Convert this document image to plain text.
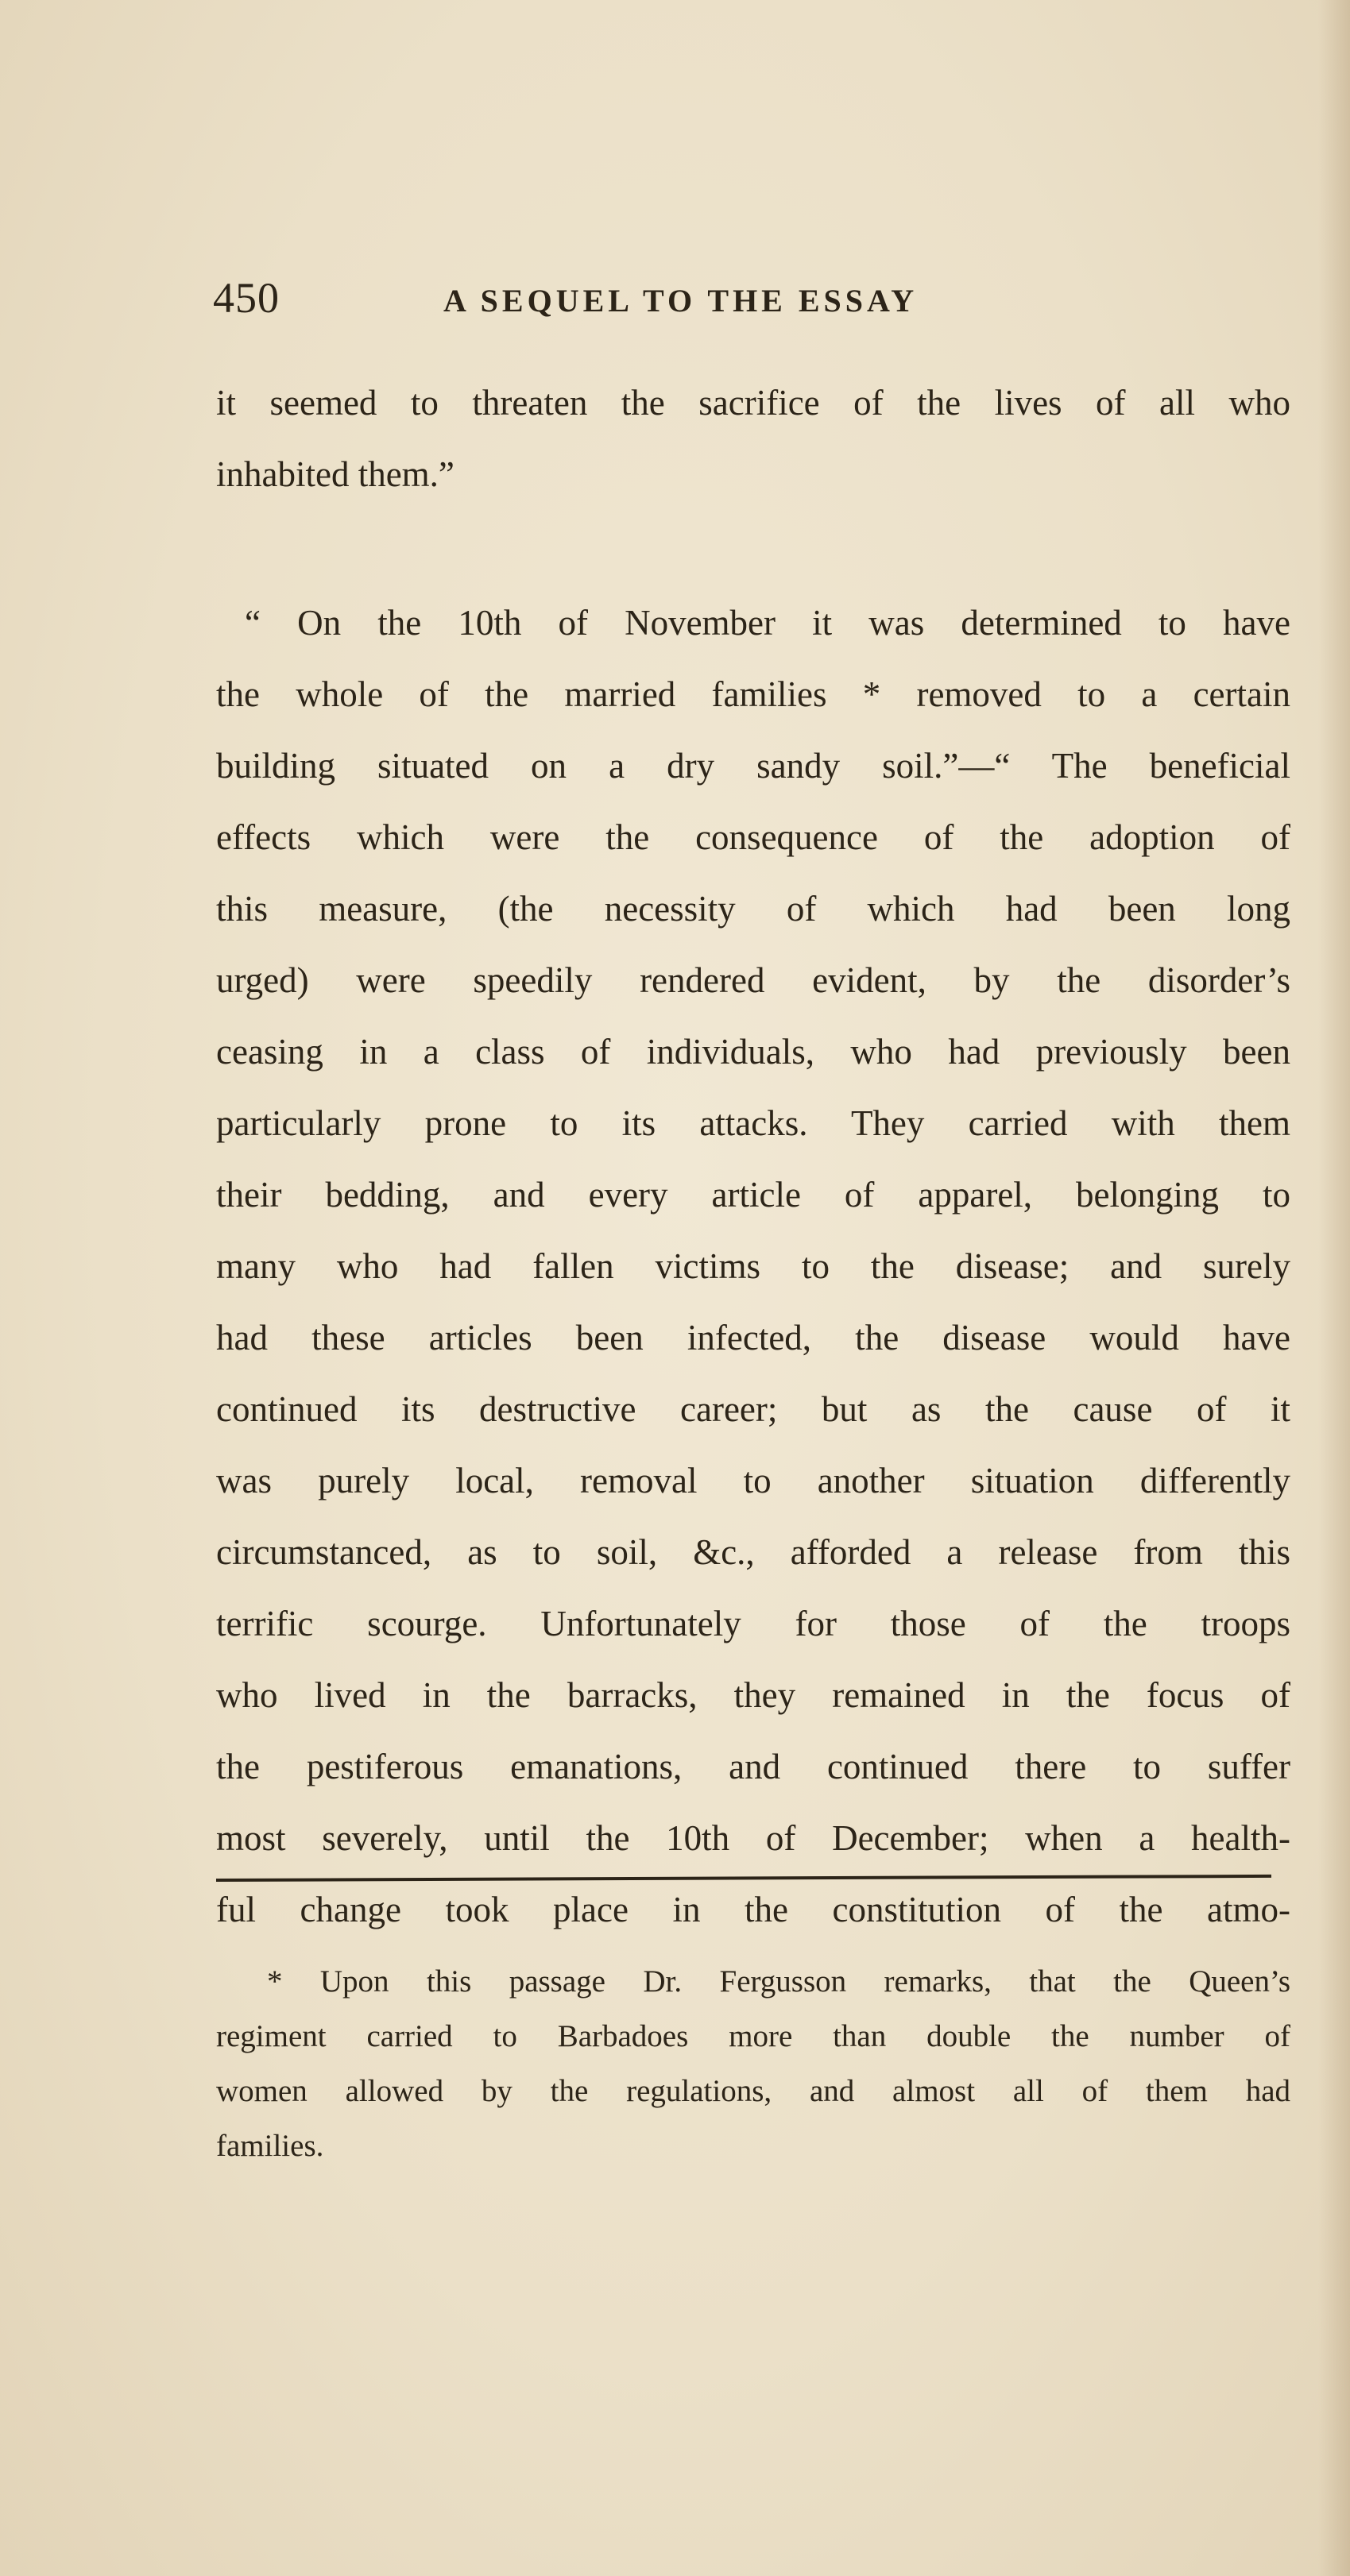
450	A SEQUEL TO THE ESSAY
it seemed to threaten the sacrifice of the lives of all who
inhabited them.”
“ On the 10th of November it was determined to have
the whole of the married families * removed to a certain
building situated on a dry sandy soil.”—“ The beneficial
effects which were the consequence of the adoption of
this measure, (the necessity of which had been long
urged) were speedily rendered evident, by the disorder’s
ceasing in a class of individuals, who had previously been
particularly prone to its attacks. They carried with them
their bedding, and every article of apparel, belonging to
many who had fallen victims to the disease; and surely
had these articles been infected, the disease would have
continued its destructive career; but as the cause of it
was purely local, removal to another situation differently
circumstanced, as to soil, &c., afforded a release from this
terrific scourge. Unfortunately for those of the troops
who lived in the barracks, they remained in the focus of
the pestiferous emanations, and continued there to suffer
most severely, until the 10th of December; when a health-
ful change took place in the constitution of the atmo-
* Upon this passage Dr. Fergusson remarks, that the Queen’s
regiment carried to Barbadoes more than double the number of
women allowed by the regulations, and almost all of them had
families.
